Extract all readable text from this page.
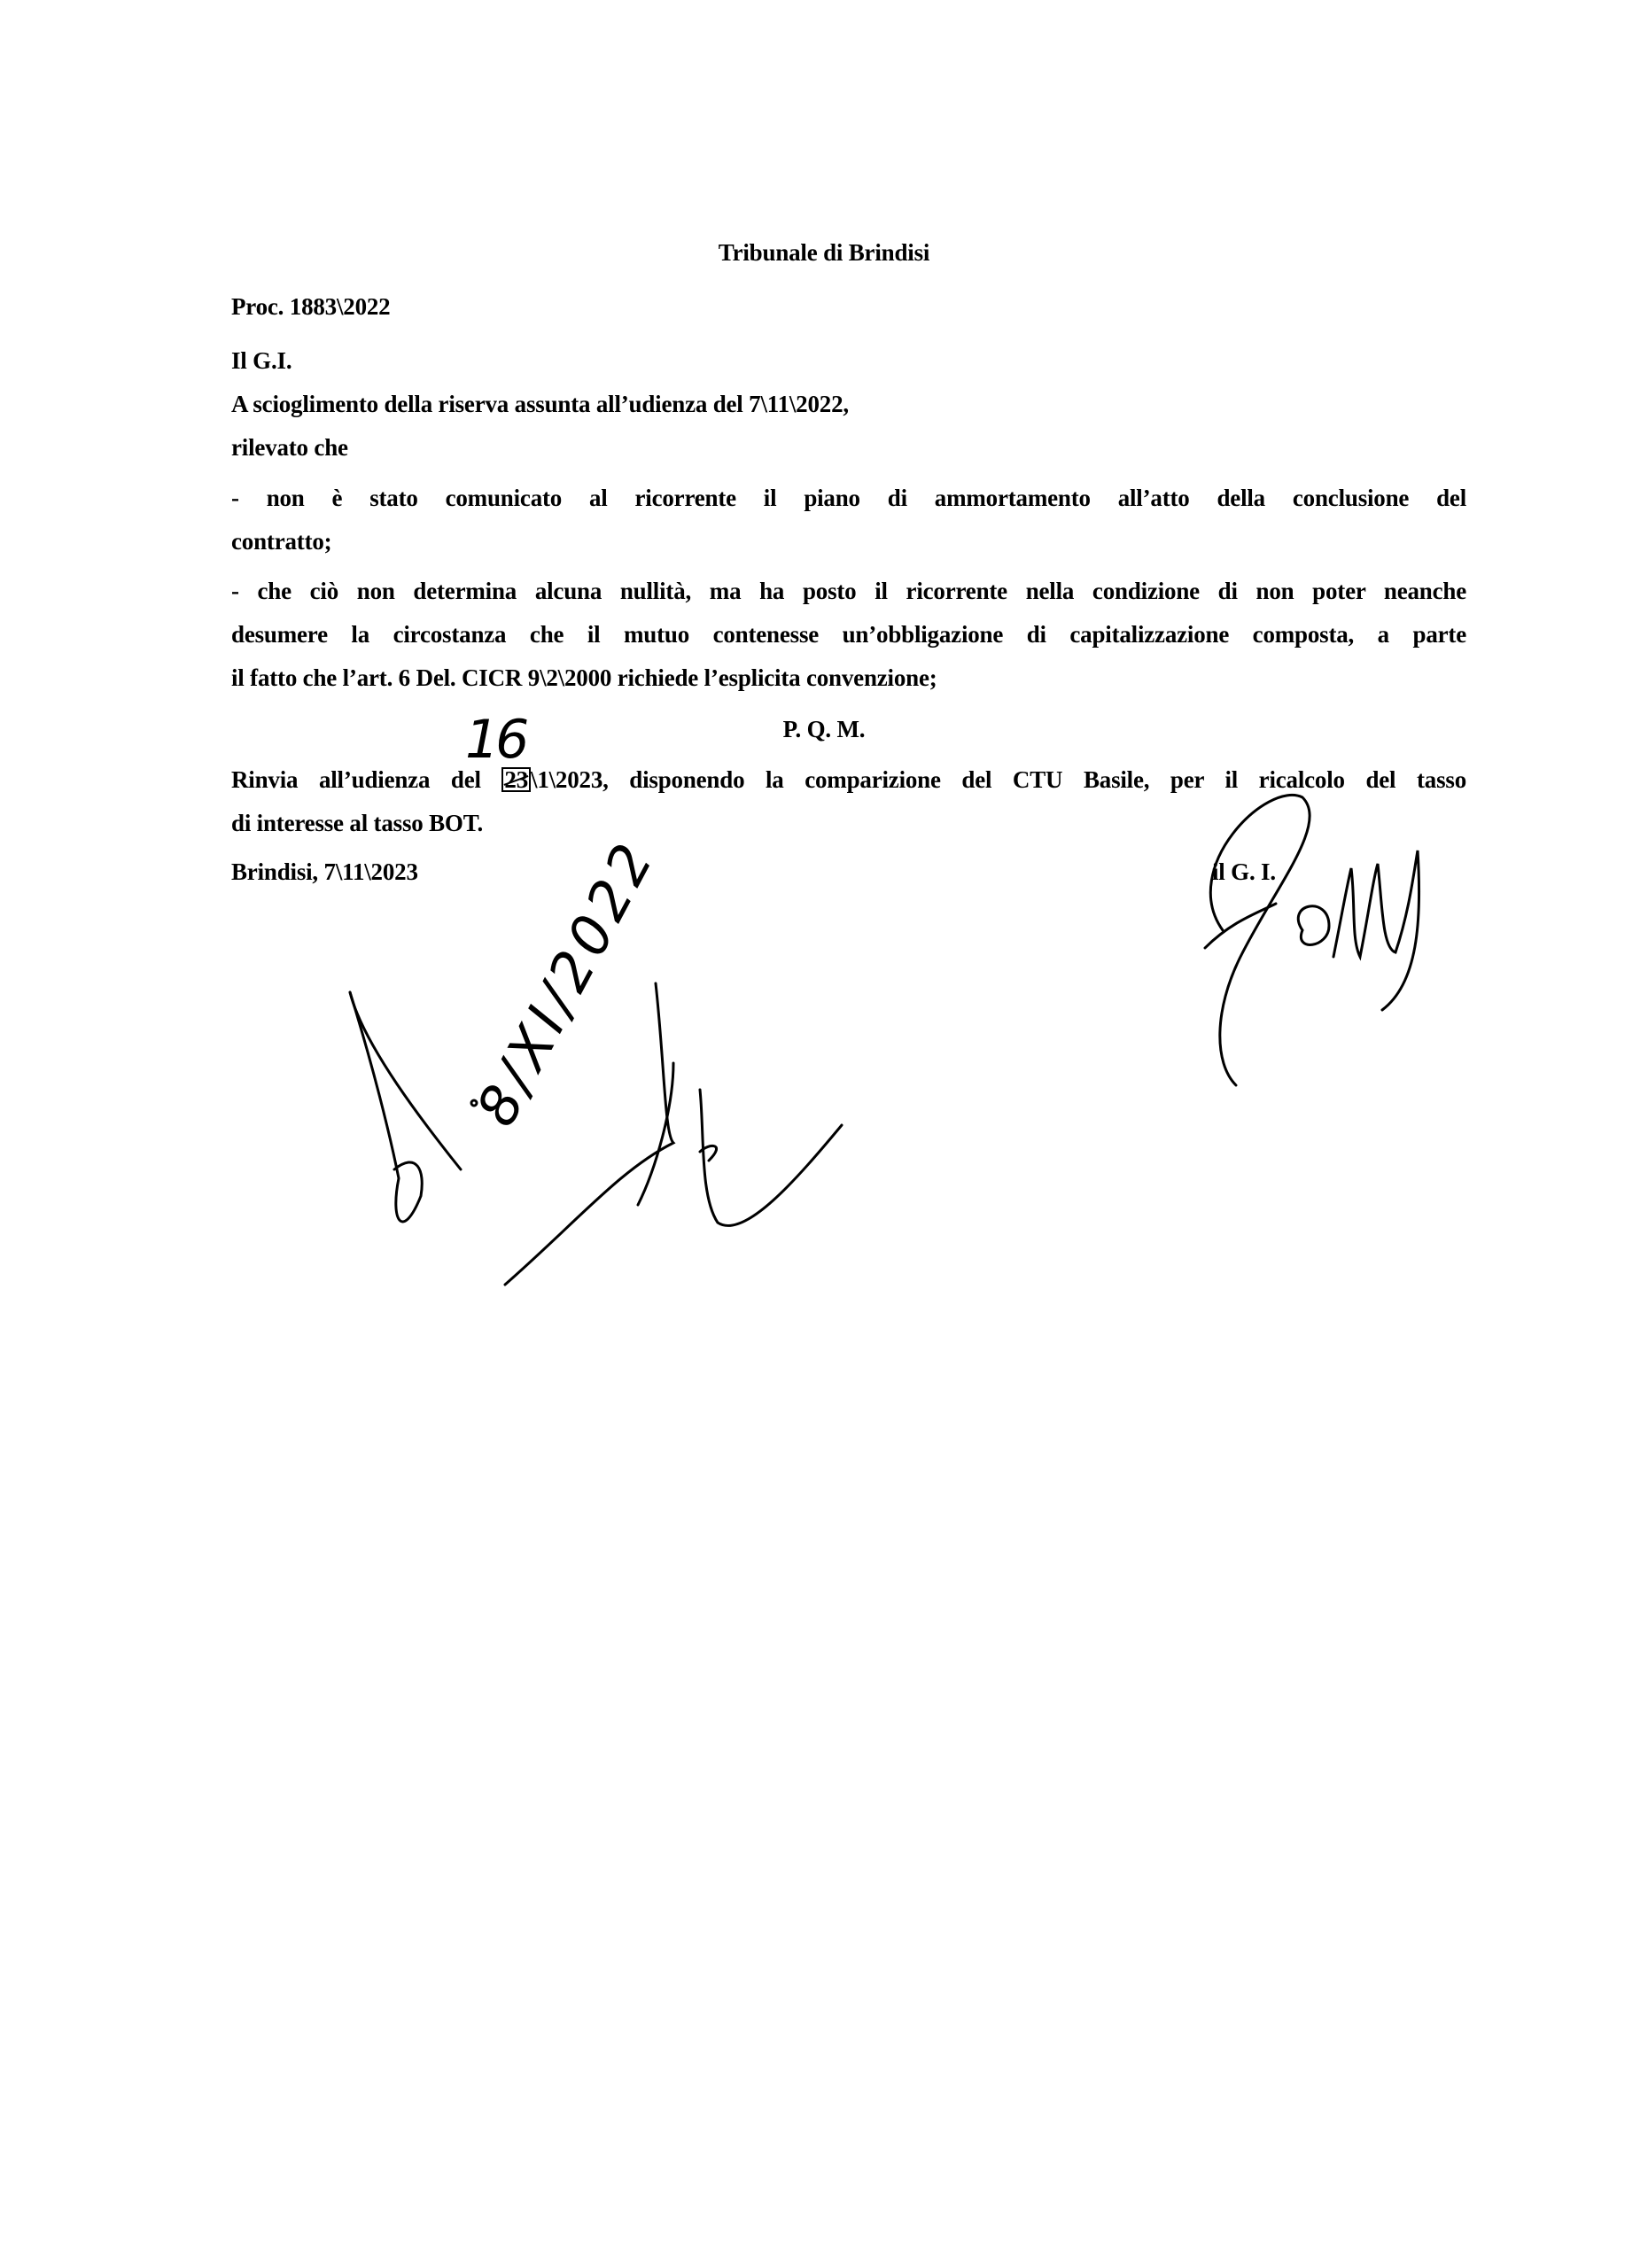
Tribunale di Brindisi
Proc. 1883\2022
Il G.I.
A scioglimento della riserva assunta all’udienza del 7\11\2022,
rilevato che
- non è stato comunicato al ricorrente il piano di ammortamento all’atto della conclusione del
contratto;
- che ciò non determina alcuna nullità, ma ha posto il ricorrente nella condizione di non poter neanche
desumere la circostanza che il mutuo contenesse un’obbligazione di capitalizzazione composta, a parte
il fatto che l’art. 6 Del. CICR 9\2\2000 richiede l’esplicita convenzione;
P. Q. M.
Rinvia all’udienza del 23 \1\2023, disponendo la comparizione del CTU Basile, per il ricalcolo del tasso
di interesse al tasso BOT.
Brindisi, 7\11\2023	il G. I.
16
8/XI/2022
